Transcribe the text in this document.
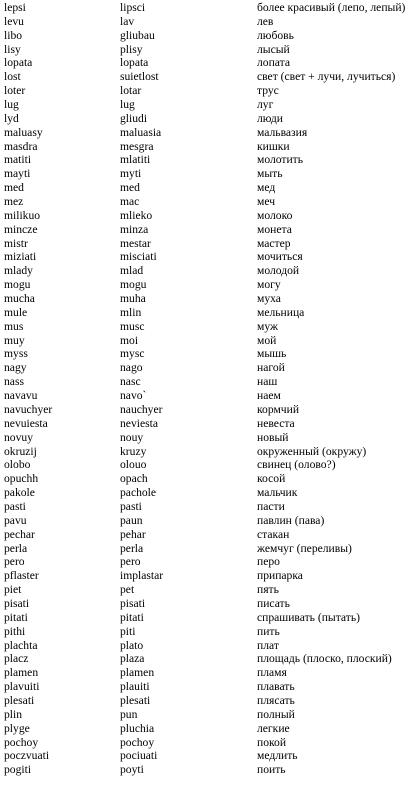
lepsi	lipsci	более красивый (лепо, лепый)
levu	lav	лев
libo	gliubau	любовь
lisy	plisy	лысый
lopata	lopata	лопата
lost	suietlost	свет (свет + лучи, лучиться)
loter	lotar	трус
lug	lug	луг
lyd	gliudi	люди
maluasy	maluasia	мальвазия
masdra	mesgra	кишки
matiti	mlatiti	молотить
mayti	myti	мыть
med	med	мед
mez	mac	меч
milikuo	mlieko	молоко
mincze	minza	монета
mistr	mestar	мастер
miziati	misciati	мочиться
mlady	mlad	молодой
mogu	mogu	могу
mucha	muha	муха
mule	mlin	мельница
mus	musc	муж
muy	moi	мой
myss	mysc	мышь
nagy	nago	нагой
nass	nasc	наш
navavu	navo`	наем
navuchyer	nauchyer	кормчий
nevuiesta	neviesta	невеста
novuy	nouy	новый
okruzij	kruzy	окруженный (окружу)
olobo	olouo	свинец (олово?)
opuchh	opach	косой
pakole	pachole	мальчик
pasti	pasti	пасти
pavu	paun	павлин (пава)
pechar	pehar	стакан
perla	perla	жемчуг (переливы)
pero	pero	перо
pflaster	implastar	припарка
piet	pet	пять
pisati	pisati	писать
pitati	pitati	спрашивать (пытать)
pithi	piti	пить
plachta	plato	плат
placz	plaza	площадь (плоско, плоский)
plamen	plamen	пламя
plavuiti	plauiti	плавать
plesati	plesati	плясать
plin	pun	полный
plyge	pluchia	легкие
pochoy	pochoy	покой
poczvuati	pociuati	медлить
pogiti	poyti	поить
